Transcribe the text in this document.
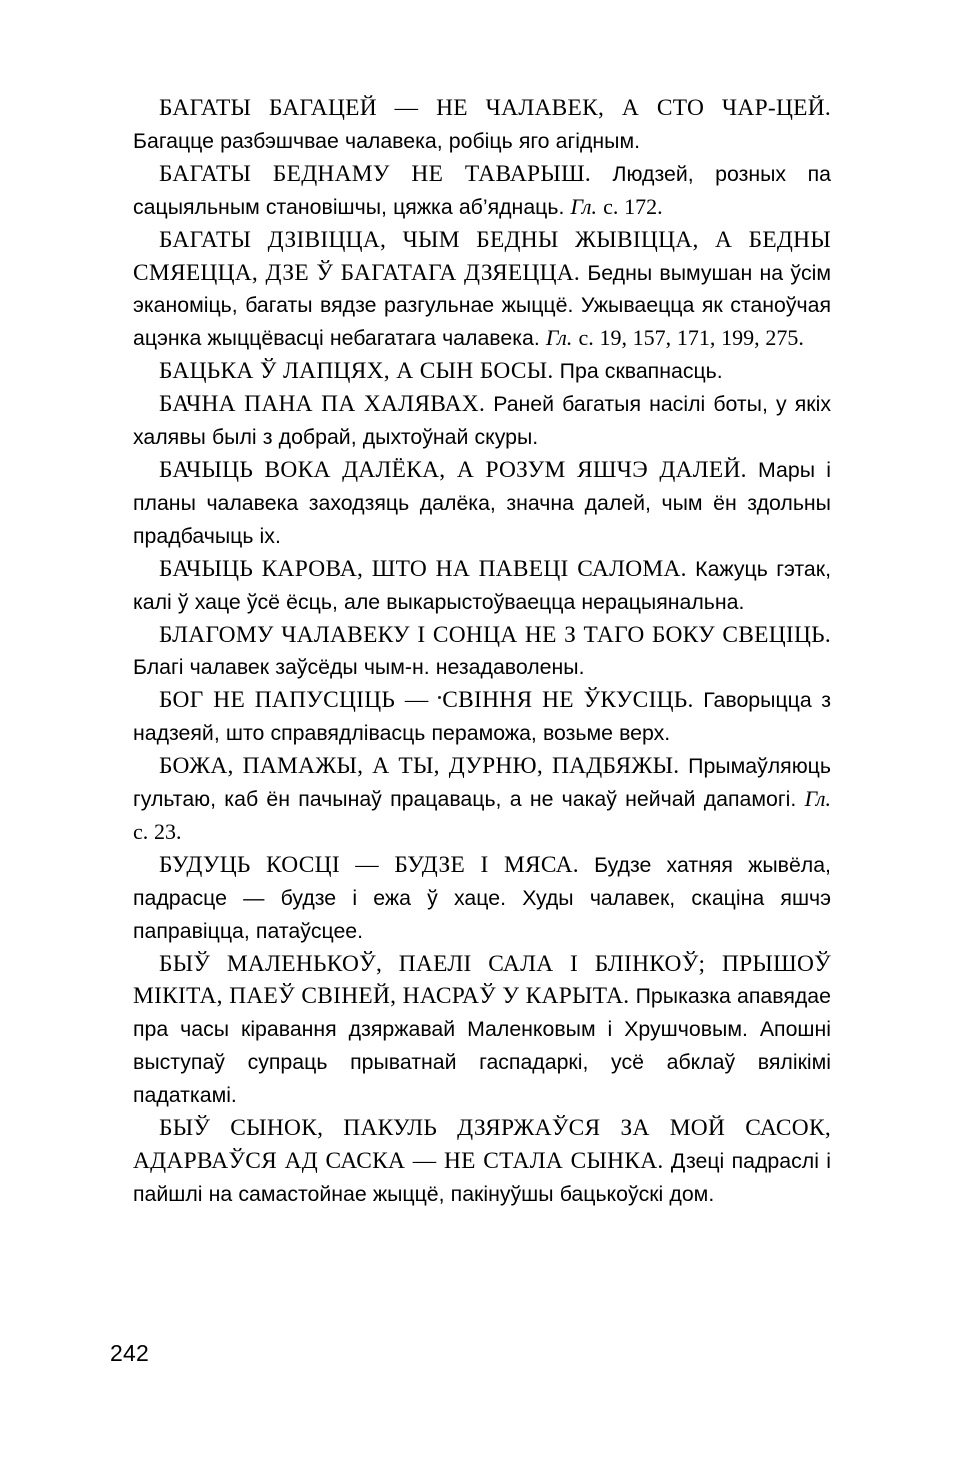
БАГАТЫ БАГАЦЕЙ — НЕ ЧАЛАВЕК, А СТО ЧАР-ЦЕЙ. Багацце разбэшчвае чалавека, робіць яго агідным.

БАГАТЫ БЕДНАМУ НЕ ТАВАРЫШ. Людзей, розных па сацыяльным становішчы, цяжка аб’яднаць. Гл. с. 172.

БАГАТЫ ДЗІВІЦЦА, ЧЫМ БЕДНЫ ЖЫВІЦЦА, А БЕДНЫ СМЯЕЦЦА, ДЗЕ Ў БАГАТАГА ДЗЯЕЦЦА. Бедны вымушан на ўсім эканоміць, багаты вядзе разгульнае жыццё. Ужываецца як станоўчая ацэнка жыццёвасці небагатага чалавека. Гл. с. 19, 157, 171, 199, 275.

БАЦЬКА Ў ЛАПЦЯХ, А СЫН БОСЫ. Пра сквапнасць.

БАЧНА ПАНА ПА ХАЛЯВАХ. Раней багатыя насілі боты, у якіх халявы былі з добрай, дыхтоўнай скуры.

БАЧЫЦЬ ВОКА ДАЛЁКА, А РОЗУМ ЯШЧЭ ДАЛЕЙ. Мары і планы чалавека заходзяць далёка, значна далей, чым ён здольны прадбачыць іх.

БАЧЫЦЬ КАРОВА, ШТО НА ПАВЕЦІ САЛОМА. Кажуць гэтак, калі ў хаце ўсё ёсць, але выкарыстоўваецца нерацыянальна.

БЛАГОМУ ЧАЛАВЕКУ І СОНЦА НЕ З ТАГО БОКУ СВЕЦІЦЬ. Благі чалавек заўсёды чым-н. незадаволены.

БОГ НЕ ПАПУСЦІЦЬ — СВІННЯ НЕ ЎКУСІЦЬ. Гаворыцца з надзеяй, што справядлівасць пераможа, возьме верх.

БОЖА, ПАМАЖЫ, А ТЫ, ДУРНЮ, ПАДБЯЖЫ. Прымаўляюць гультаю, каб ён пачынаў працаваць, а не чакаў нейчай дапамогі. Гл. с. 23.

БУДУЦЬ КОСЦІ — БУДЗЕ І МЯСА. Будзе хатняя жывёла, падрасце — будзе і ежа ў хаце. Худы чалавек, скаціна яшчэ паправіцца, патаўсцее.

БЫЎ МАЛЕНЬКОЎ, ПАЕЛІ САЛА І БЛІНКОЎ; ПРЫШОЎ МІКІТА, ПАЕЎ СВІНЕЙ, НАСРАЎ У КАРЫТА. Прыказка апавядае пра часы кіравання дзяржавай Маленковым і Хрушчовым. Апошні выступаў супраць прыватнай гаспадаркі, усё абклаў вялікімі падаткамі.

БЫЎ СЫНОК, ПАКУЛЬ ДЗЯРЖАЎСЯ ЗА МОЙ САСОК, АДАРВАЎСЯ АД САСКА — НЕ СТАЛА СЫНКА. Дзеці падраслі і пайшлі на самастойнае жыццё, пакінуўшы бацькоўскі дом.

242
